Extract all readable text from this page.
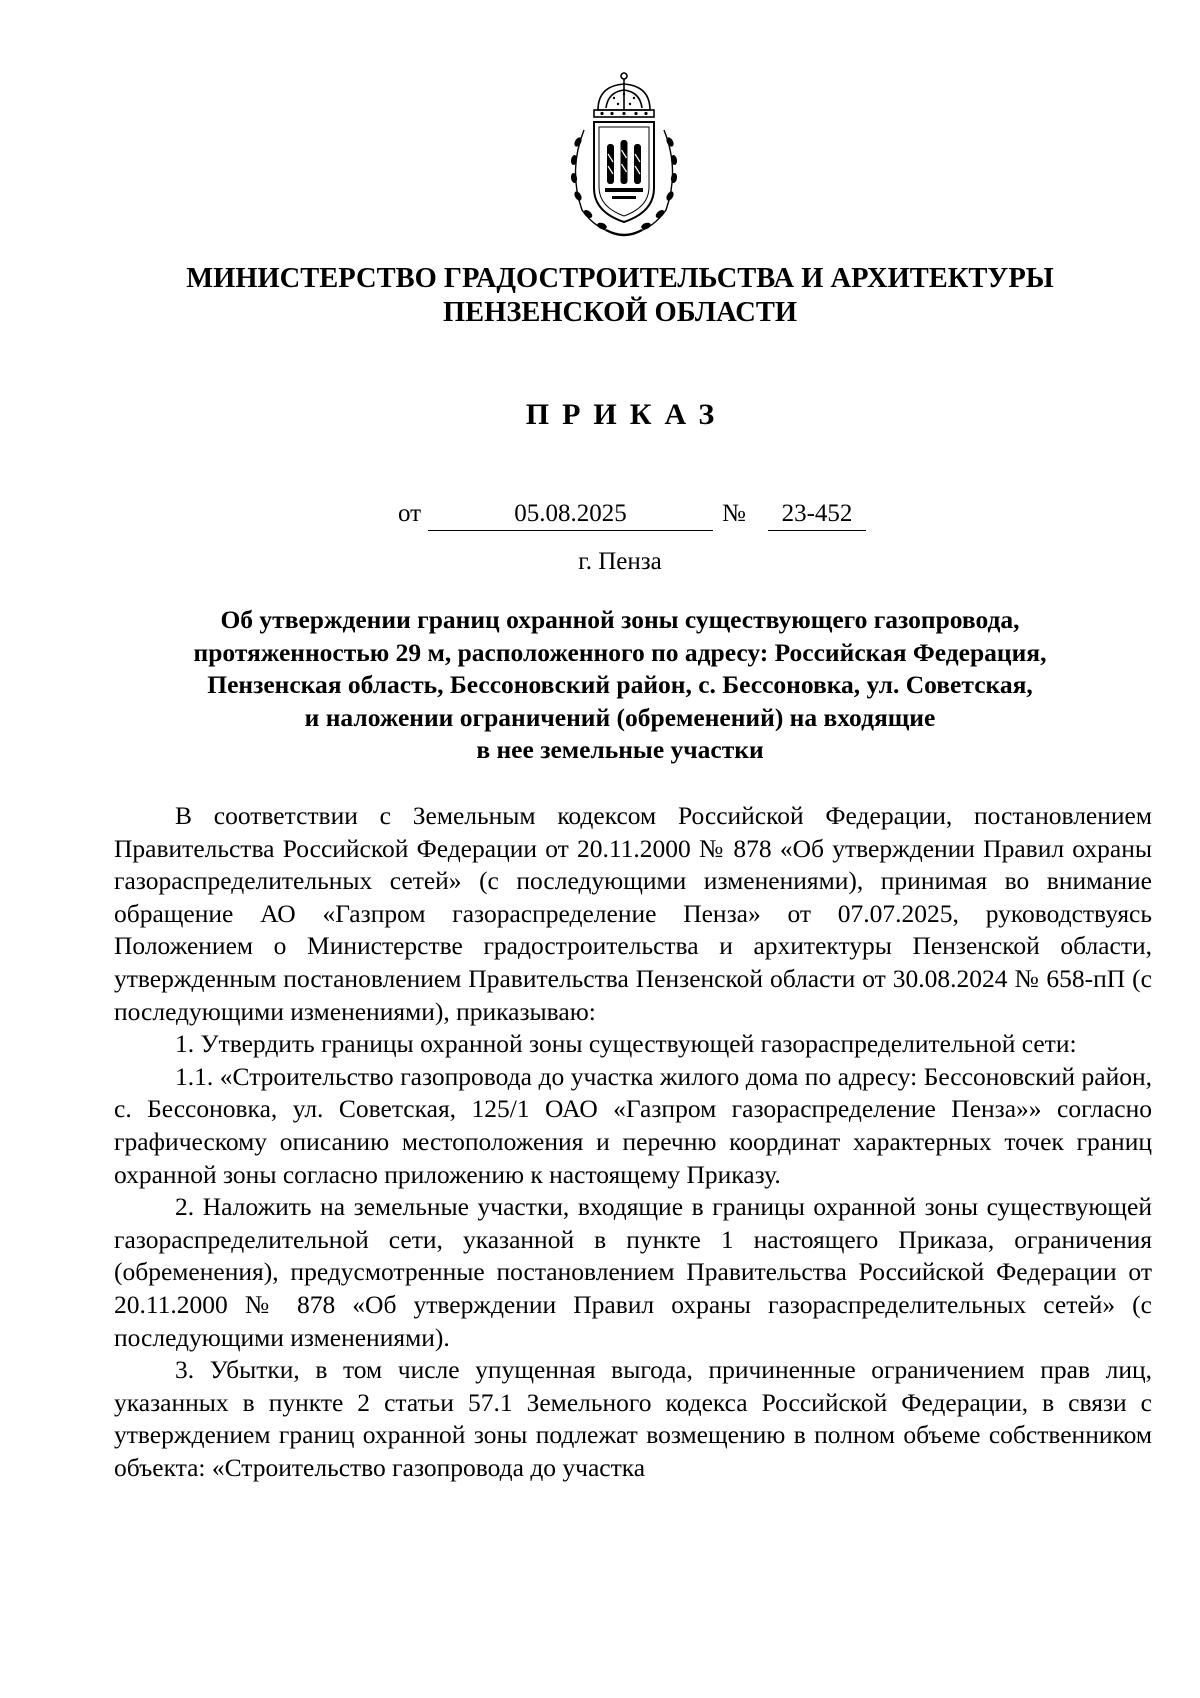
МИНИСТЕРСТВО ГРАДОСТРОИТЕЛЬСТВА И АРХИТЕКТУРЫ
ПЕНЗЕНСКОЙ ОБЛАСТИ
ПРИКАЗ
от	05.08.2025	№	23-452
г. Пенза
Об утверждении границ охранной зоны существующего газопровода,
протяженностью 29 м, расположенного по адресу: Российская Федерация,
Пензенская область, Бессоновский район, с. Бессоновка, ул. Советская,
и наложении ограничений (обременений) на входящие
в нее земельные участки

В соответствии с Земельным кодексом Российской Федерации, постановлением Правительства Российской Федерации от 20.11.2000 № 878 «Об утверждении Правил охраны газораспределительных сетей» (с последующими изменениями), принимая во внимание обращение АО «Газпром газораспределение Пенза» от 07.07.2025, руководствуясь Положением о Министерстве градостроительства и архитектуры Пензенской области, утвержденным постановлением Правительства Пензенской области от 30.08.2024 № 658-пП (с последующими изменениями), приказываю:

1. Утвердить границы охранной зоны существующей газораспределительной сети:

1.1. «Строительство газопровода до участка жилого дома по адресу: Бессоновский район, с. Бессоновка, ул. Советская, 125/1 ОАО «Газпром газораспределение Пенза»» согласно графическому описанию местоположения и перечню координат характерных точек границ охранной зоны согласно приложению к настоящему Приказу.

2. Наложить на земельные участки, входящие в границы охранной зоны существующей газораспределительной сети, указанной в пункте 1 настоящего Приказа, ограничения (обременения), предусмотренные постановлением Правительства Российской Федерации от 20.11.2000 № 878 «Об утверждении Правил охраны газораспределительных сетей» (с последующими изменениями).

3. Убытки, в том числе упущенная выгода, причиненные ограничением прав лиц, указанных в пункте 2 статьи 57.1 Земельного кодекса Российской Федерации, в связи с утверждением границ охранной зоны подлежат возмещению в полном объеме собственником объекта: «Строительство газопровода до участка
